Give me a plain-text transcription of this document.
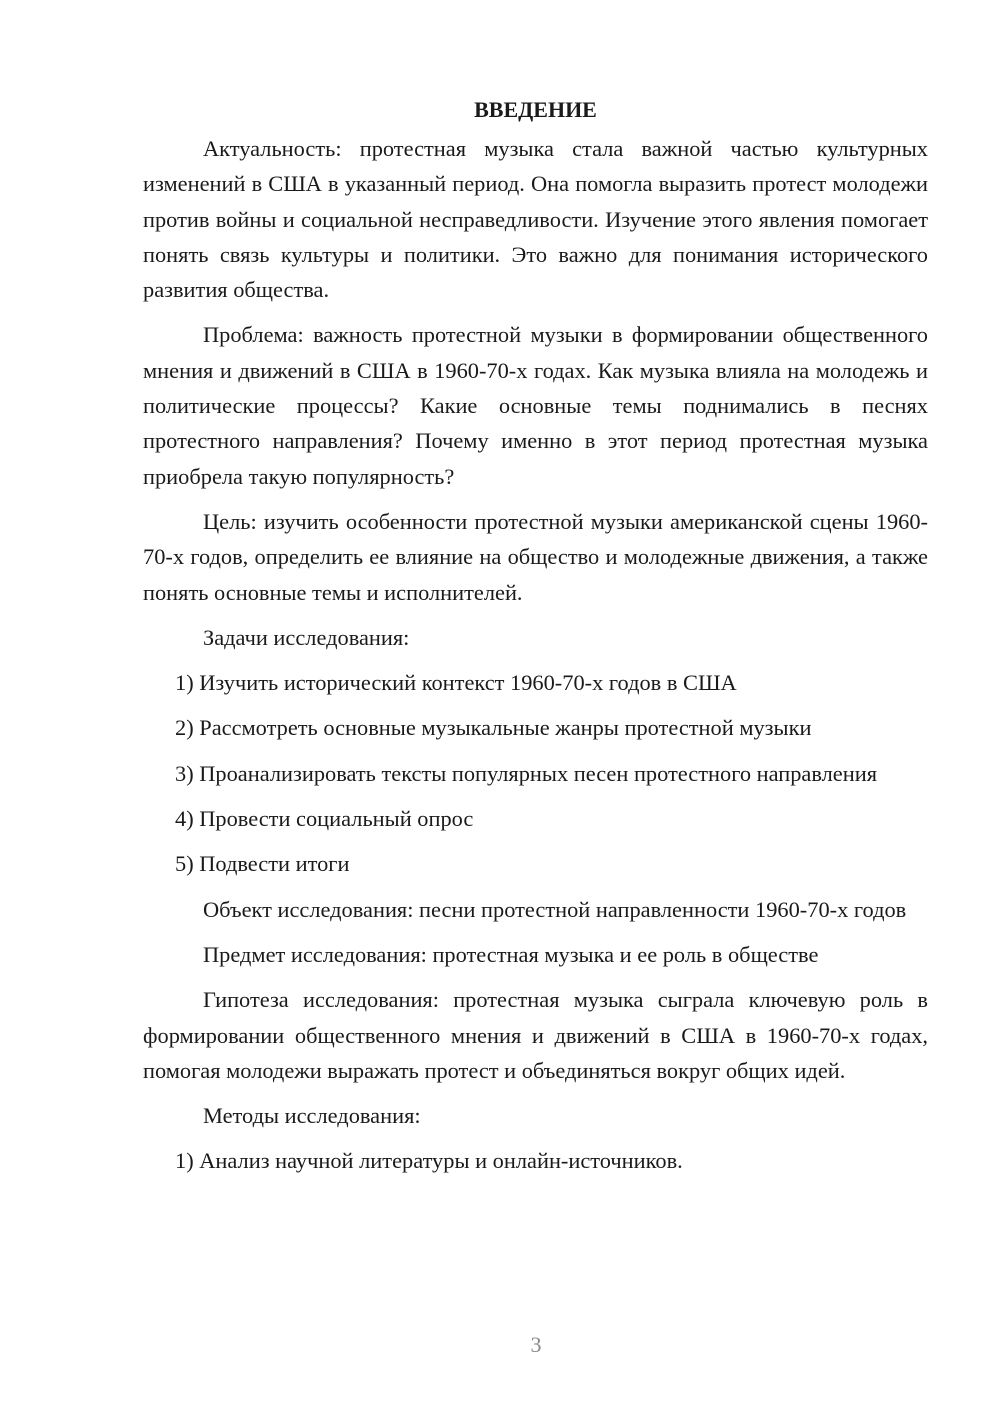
ВВЕДЕНИЕ

Актуальность: протестная музыка стала важной частью культурных изменений в США в указанный период. Она помогла выразить протест молодежи против войны и социальной несправедливости. Изучение этого явления помогает понять связь культуры и политики. Это важно для понимания исторического развития общества.

Проблема: важность протестной музыки в формировании общественного мнения и движений в США в 1960-70-х годах. Как музыка влияла на молодежь и политические процессы? Какие основные темы поднимались в песнях протестного направления? Почему именно в этот период протестная музыка приобрела такую популярность?

Цель: изучить особенности протестной музыки американской сцены 1960-70-х годов, определить ее влияние на общество и молодежные движения, а также понять основные темы и исполнителей.

Задачи исследования:

1) Изучить исторический контекст 1960-70-х годов в США

2) Рассмотреть основные музыкальные жанры протестной музыки

3) Проанализировать тексты популярных песен протестного направления

4) Провести социальный опрос

5) Подвести итоги

Объект исследования: песни протестной направленности 1960-70-х годов

Предмет исследования: протестная музыка и ее роль в обществе

Гипотеза исследования: протестная музыка сыграла ключевую роль в формировании общественного мнения и движений в США в 1960-70-х годах, помогая молодежи выражать протест и объединяться вокруг общих идей.

Методы исследования:

1) Анализ научной литературы и онлайн-источников.

3
